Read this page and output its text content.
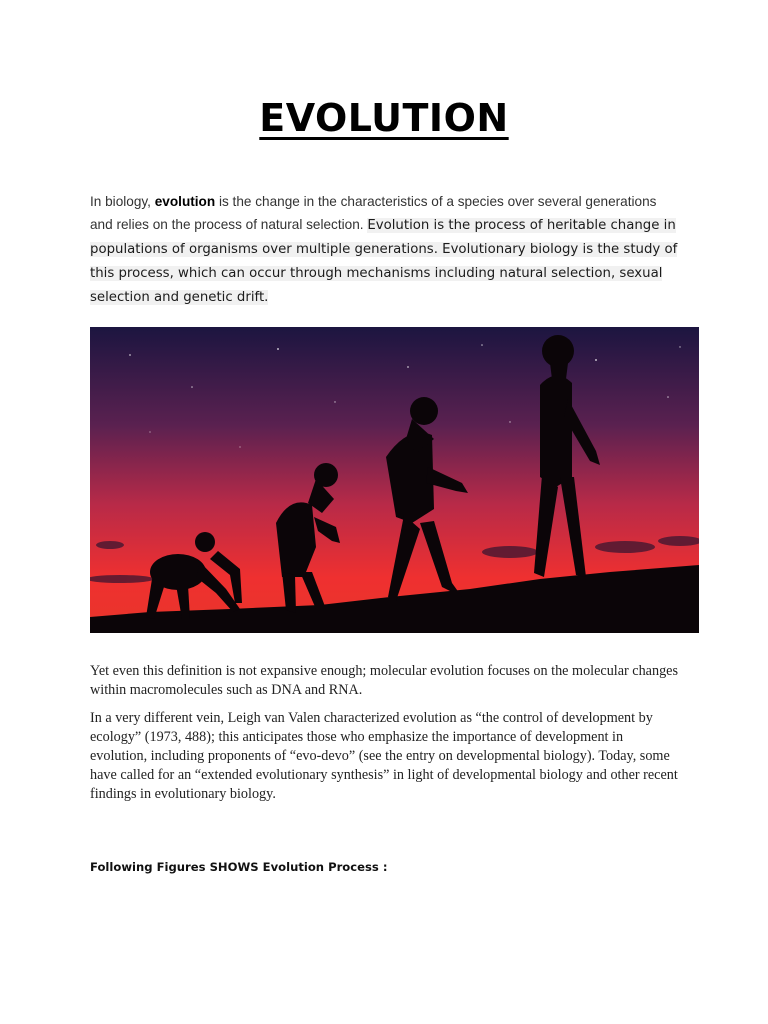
EVOLUTION
In biology, evolution is the change in the characteristics of a species over several generations and relies on the process of natural selection. Evolution is the process of heritable change in populations of organisms over multiple generations. Evolutionary biology is the study of this process, which can occur through mechanisms including natural selection, sexual selection and genetic drift.
Yet even this definition is not expansive enough; molecular evolution focuses on the molecular changes within macromolecules such as DNA and RNA.
In a very different vein, Leigh van Valen characterized evolution as “the control of development by ecology” (1973, 488); this anticipates those who emphasize the importance of development in evolution, including proponents of “evo-devo” (see the entry on developmental biology). Today, some have called for an “extended evolutionary synthesis” in light of developmental biology and other recent findings in evolutionary biology.
Following Figures SHOWS Evolution Process :
